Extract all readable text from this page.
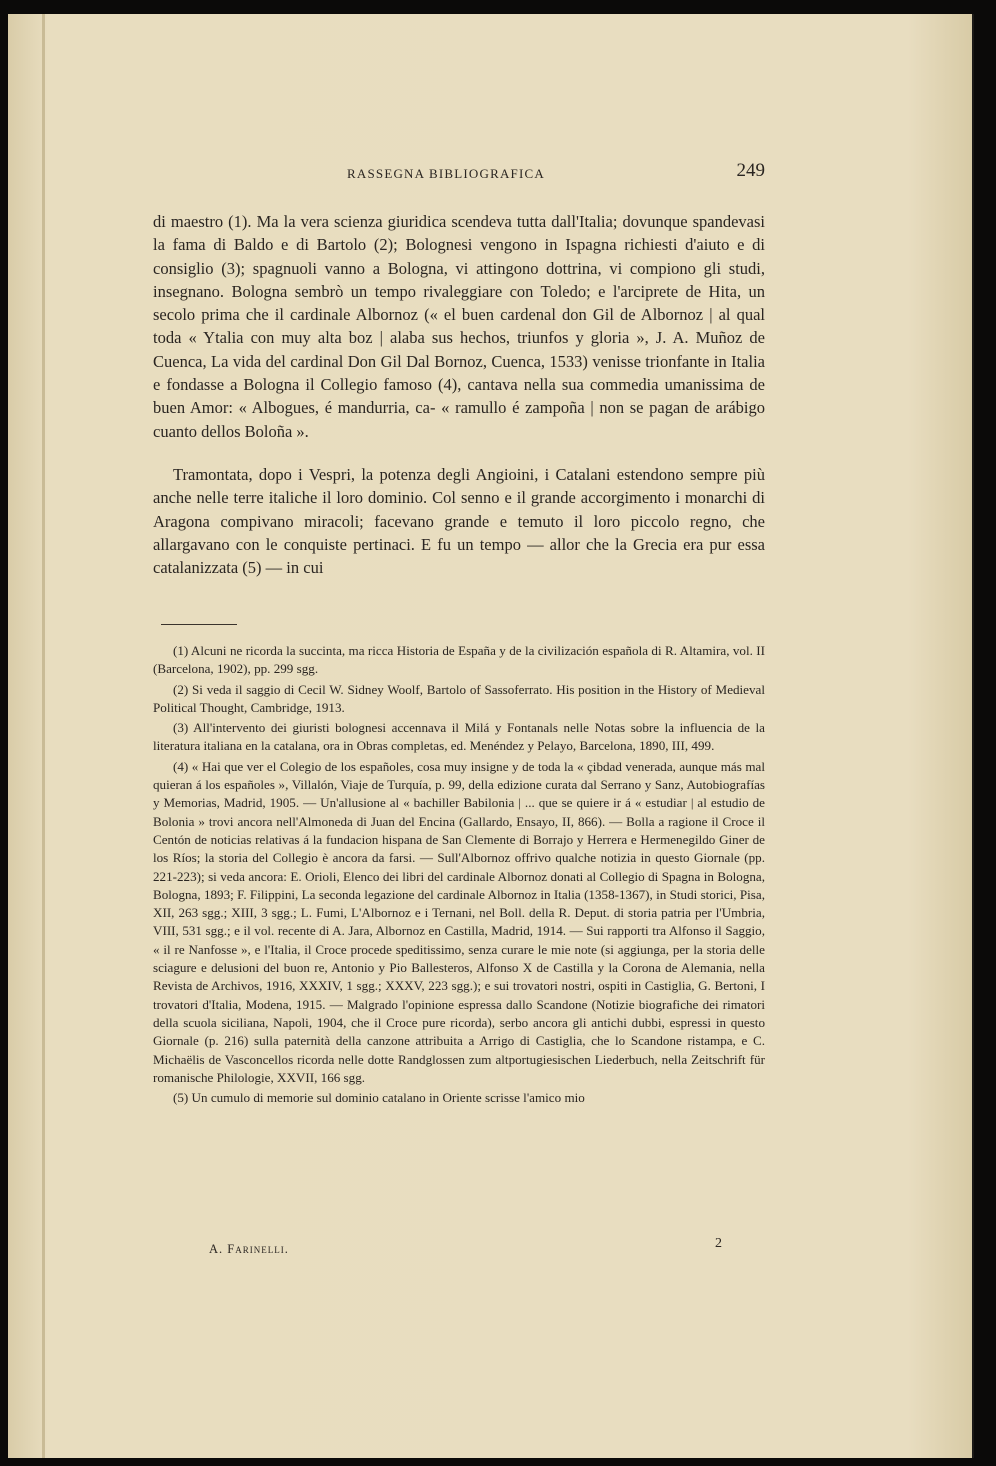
RASSEGNA BIBLIOGRAFICA	249

di maestro (1). Ma la vera scienza giuridica scendeva tutta dall'Italia; dovunque spandevasi la fama di Baldo e di Bartolo (2); Bolognesi vengono in Ispagna richiesti d'aiuto e di consiglio (3); spagnuoli vanno a Bologna, vi attingono dottrina, vi compiono gli studi, insegnano. Bologna sembrò un tempo rivaleggiare con Toledo; e l'arciprete de Hita, un secolo prima che il cardinale Albornoz (« el buen cardenal don Gil de Albornoz | al qual toda « Ytalia con muy alta boz | alaba sus hechos, triunfos y gloria », J. A. Muñoz de Cuenca, La vida del cardinal Don Gil Dal Bornoz, Cuenca, 1533) venisse trionfante in Italia e fondasse a Bologna il Collegio famoso (4), cantava nella sua commedia umanissima de buen Amor: « Albogues, é mandurria, ca- « ramullo é zampoña | non se pagan de arábigo cuanto dellos Boloña ».

Tramontata, dopo i Vespri, la potenza degli Angioini, i Catalani estendono sempre più anche nelle terre italiche il loro dominio. Col senno e il grande accorgimento i monarchi di Aragona compivano miracoli; facevano grande e temuto il loro piccolo regno, che allargavano con le conquiste pertinaci. E fu un tempo — allor che la Grecia era pur essa catalanizzata (5) — in cui

(1) Alcuni ne ricorda la succinta, ma ricca Historia de España y de la civilización española di R. Altamira, vol. II (Barcelona, 1902), pp. 299 sgg.

(2) Si veda il saggio di Cecil W. Sidney Woolf, Bartolo of Sassoferrato. His position in the History of Medieval Political Thought, Cambridge, 1913.

(3) All'intervento dei giuristi bolognesi accennava il Milá y Fontanals nelle Notas sobre la influencia de la literatura italiana en la catalana, ora in Obras completas, ed. Menéndez y Pelayo, Barcelona, 1890, III, 499.

(4) « Hai que ver el Colegio de los españoles, cosa muy insigne y de toda la « çibdad venerada, aunque más mal quieran á los españoles », Villalón, Viaje de Turquía, p. 99, della edizione curata dal Serrano y Sanz, Autobiografías y Memorias, Madrid, 1905. — Un'allusione al « bachiller Babilonia | ... que se quiere ir á « estudiar | al estudio de Bolonia » trovi ancora nell'Almoneda di Juan del Encina (Gallardo, Ensayo, II, 866). — Bolla a ragione il Croce il Centón de noticias relativas á la fundacion hispana de San Clemente di Borrajo y Herrera e Hermenegildo Giner de los Ríos; la storia del Collegio è ancora da farsi. — Sull'Albornoz offrivo qualche notizia in questo Giornale (pp. 221-223); si veda ancora: E. Orioli, Elenco dei libri del cardinale Albornoz donati al Collegio di Spagna in Bologna, Bologna, 1893; F. Filippini, La seconda legazione del cardinale Albornoz in Italia (1358-1367), in Studi storici, Pisa, XII, 263 sgg.; XIII, 3 sgg.; L. Fumi, L'Albornoz e i Ternani, nel Boll. della R. Deput. di storia patria per l'Umbria, VIII, 531 sgg.; e il vol. recente di A. Jara, Albornoz en Castilla, Madrid, 1914. — Sui rapporti tra Alfonso il Saggio, « il re Nanfosse », e l'Italia, il Croce procede speditissimo, senza curare le mie note (si aggiunga, per la storia delle sciagure e delusioni del buon re, Antonio y Pio Ballesteros, Alfonso X de Castilla y la Corona de Alemania, nella Revista de Archivos, 1916, XXXIV, 1 sgg.; XXXV, 223 sgg.); e sui trovatori nostri, ospiti in Castiglia, G. Bertoni, I trovatori d'Italia, Modena, 1915. — Malgrado l'opinione espressa dallo Scandone (Notizie biografiche dei rimatori della scuola siciliana, Napoli, 1904, che il Croce pure ricorda), serbo ancora gli antichi dubbi, espressi in questo Giornale (p. 216) sulla paternità della canzone attribuita a Arrigo di Castiglia, che lo Scandone ristampa, e C. Michaëlis de Vasconcellos ricorda nelle dotte Randglossen zum altportugiesischen Liederbuch, nella Zeitschrift für romanische Philologie, XXVII, 166 sgg.

(5) Un cumulo di memorie sul dominio catalano in Oriente scrisse l'amico mio

A. Farinelli.	2
